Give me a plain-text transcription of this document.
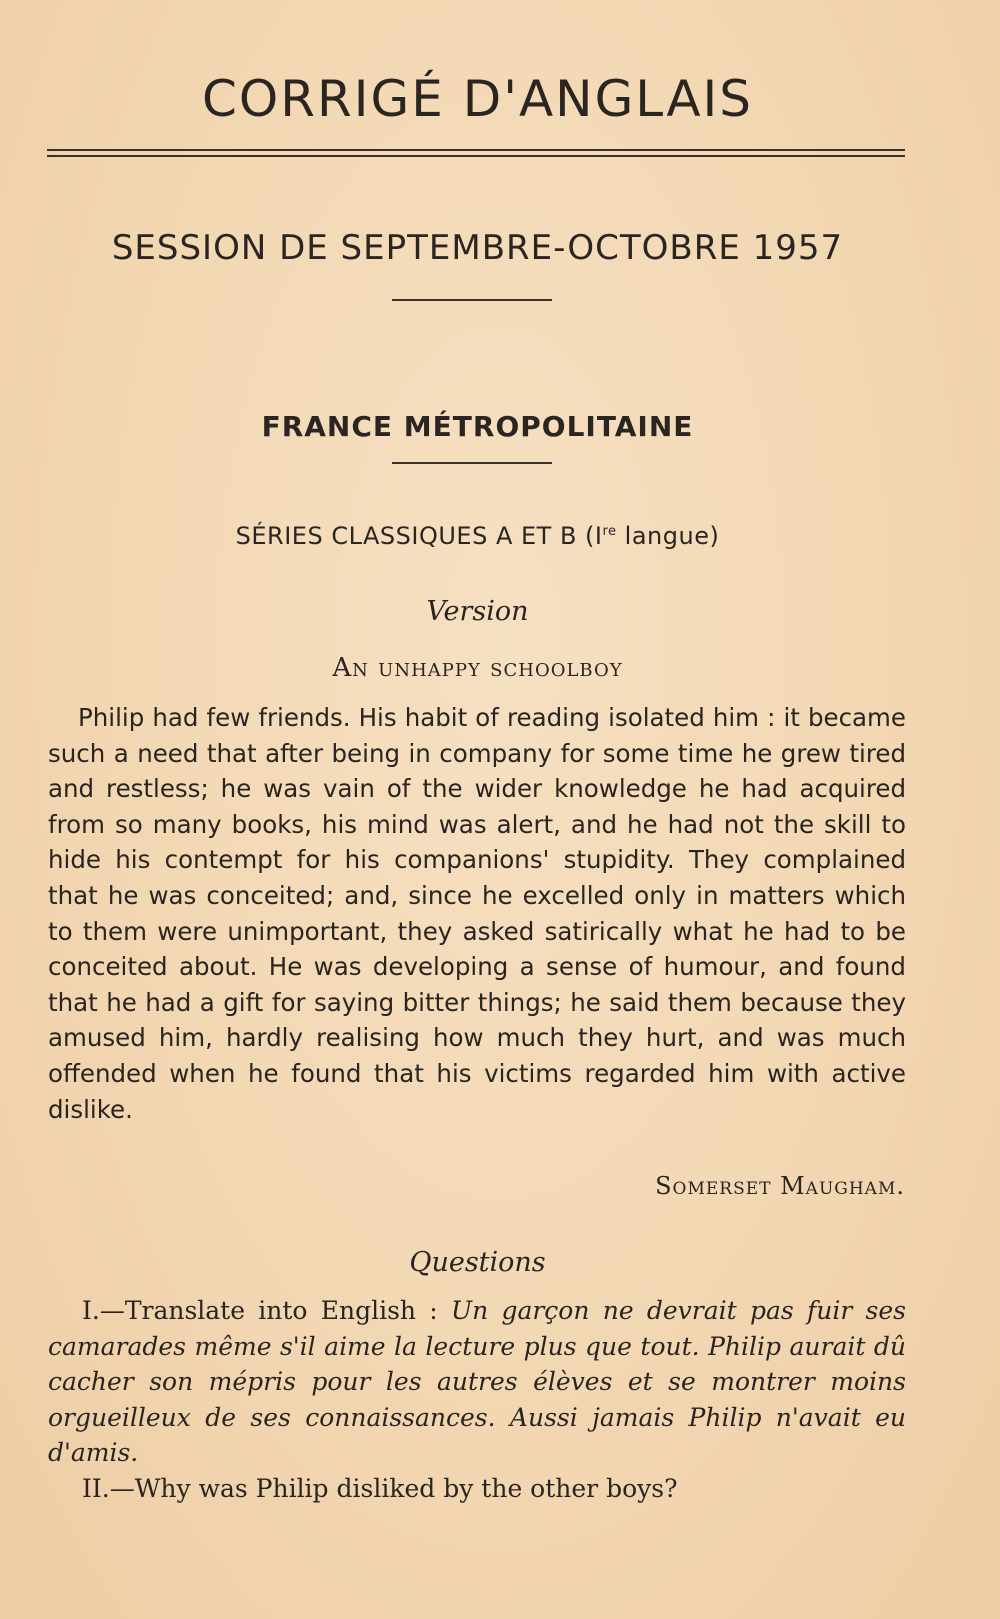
CORRIGÉ D'ANGLAIS
SESSION DE SEPTEMBRE-OCTOBRE 1957
FRANCE MÉTROPOLITAINE
SÉRIES CLASSIQUES A ET B (Ire langue)
Version
An unhappy schoolboy

Philip had few friends. His habit of reading isolated him : it became such a need that after being in company for some time he grew tired and restless; he was vain of the wider knowledge he had acquired from so many books, his mind was alert, and he had not the skill to hide his contempt for his companions' stupidity. They complained that he was conceited; and, since he excelled only in matters which to them were unimportant, they asked satirically what he had to be conceited about. He was developing a sense of humour, and found that he had a gift for saying bitter things; he said them because they amused him, hardly realising how much they hurt, and was much offended when he found that his victims regarded him with active dislike.

Somerset Maugham.
Questions

I.—Translate into English : Un garçon ne devrait pas fuir ses camarades même s'il aime la lecture plus que tout. Philip aurait dû cacher son mépris pour les autres élèves et se montrer moins orgueilleux de ses connaissances. Aussi jamais Philip n'avait eu d'amis.

II.—Why was Philip disliked by the other boys?
